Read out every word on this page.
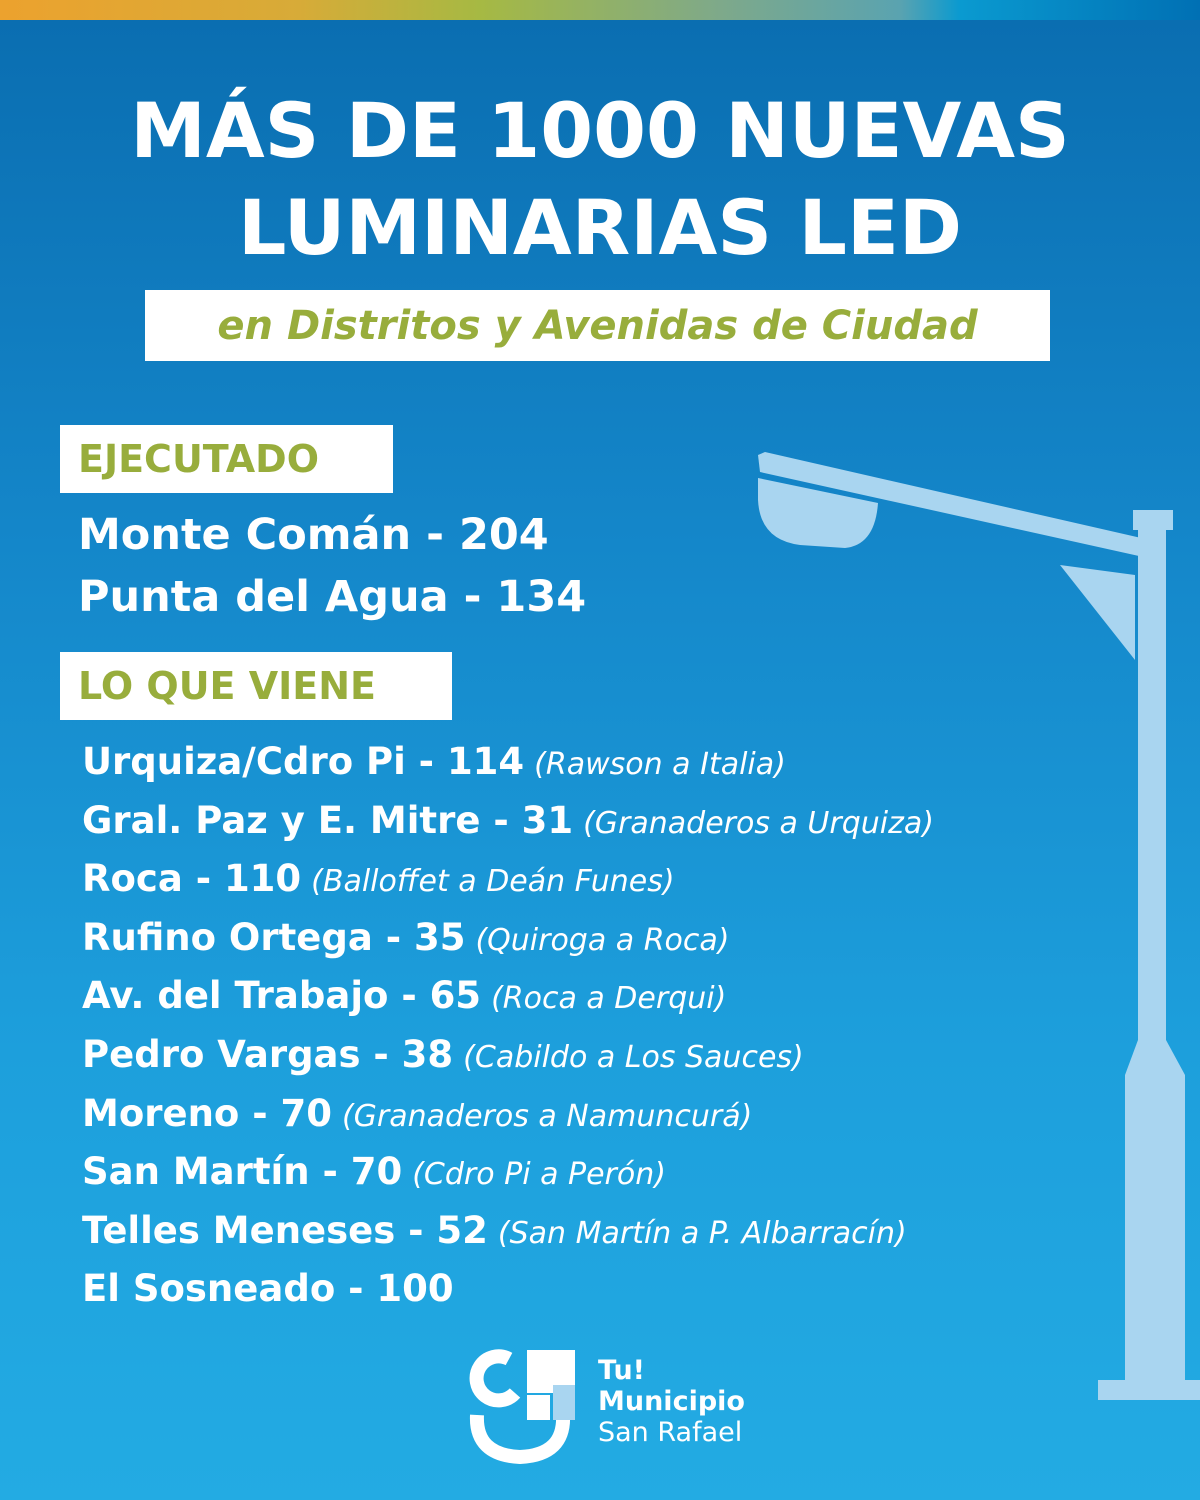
MÁS DE 1000 NUEVAS
LUMINARIAS LED
en Distritos y Avenidas de Ciudad
EJECUTADO
Monte Comán - 204
Punta del Agua - 134
LO QUE VIENE
Urquiza/Cdro Pi - 114 (Rawson a Italia)
Gral. Paz y E. Mitre - 31 (Granaderos a Urquiza)
Roca - 110 (Balloffet a Deán Funes)
Rufino Ortega - 35 (Quiroga a Roca)
Av. del Trabajo - 65 (Roca a Derqui)
Pedro Vargas - 38 (Cabildo a Los Sauces)
Moreno - 70 (Granaderos a Namuncurá)
San Martín - 70 (Cdro Pi a Perón)
Telles Meneses - 52 (San Martín a P. Albarracín)
El Sosneado - 100
Tu!
Municipio
San Rafael
